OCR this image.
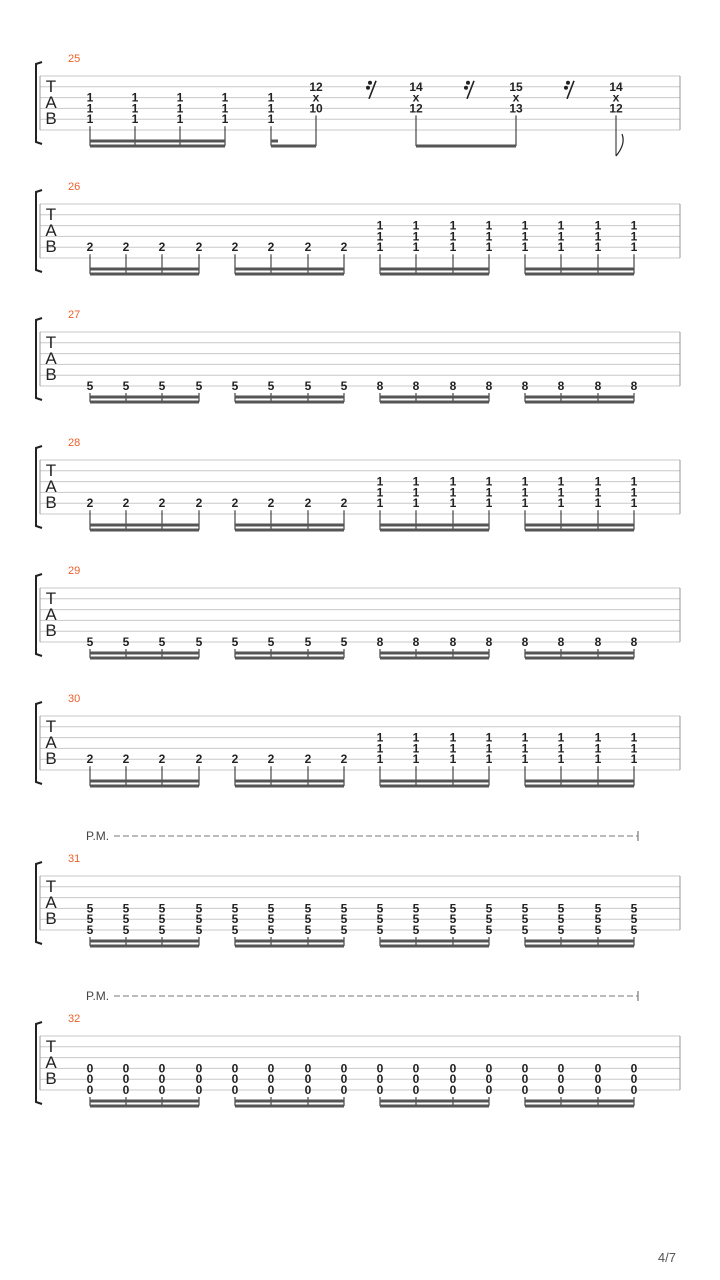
T
A
B
25
1
1
1
1
1
1
1
1
1
1
1
1
1
1
1
12
x
10
14
x
12
15
x
13
14
x
12
T
A
B
26
2 2 2	2 2 2	2 2
1
1
1
1
1
1
1
1
1
1
1
1
1
1
1
1
1
1
1
1
1
1
1
1
T
A
B
27
5 5 5	5 5 5	5 5 8 8	8 8 8 8	8 8
T
A
B
28
2 2 2	2 2 2	2 2
1
1
1
1
1
1
1
1
1
1
1
1
1
1
1
1
1
1
1
1
1
1
1
1
T
A
B
29
5 5 5	5 5 5	5 5 8 8	8 8 8 8	8 8
T
A
B
30
2 2 2	2 2 2	2 2
1
1
1
1
1
1
1
1
1
1
1
1
1
1
1
1
1
1
1
1
1
1
1
1
T
A
B
31
P.M.
5
5
5
5
5
5
5
5
5
5
5
5
5
5
5
5
5
5
5
5
5
5
5
5
5
5
5
5
5
5
5
5
5
5
5
5
5
5
5
5
5
5
5
5
5
5
5
5
T
A
B
32
P.M.
0
0
0
0
0
0
0
0
0
0
0
0
0
0
0
0
0
0
0
0
0
0
0
0
0
0
0
0
0
0
0
0
0
0
0
0
0
0
0
0
0
0
0
0
0
0
0
0
4/7
